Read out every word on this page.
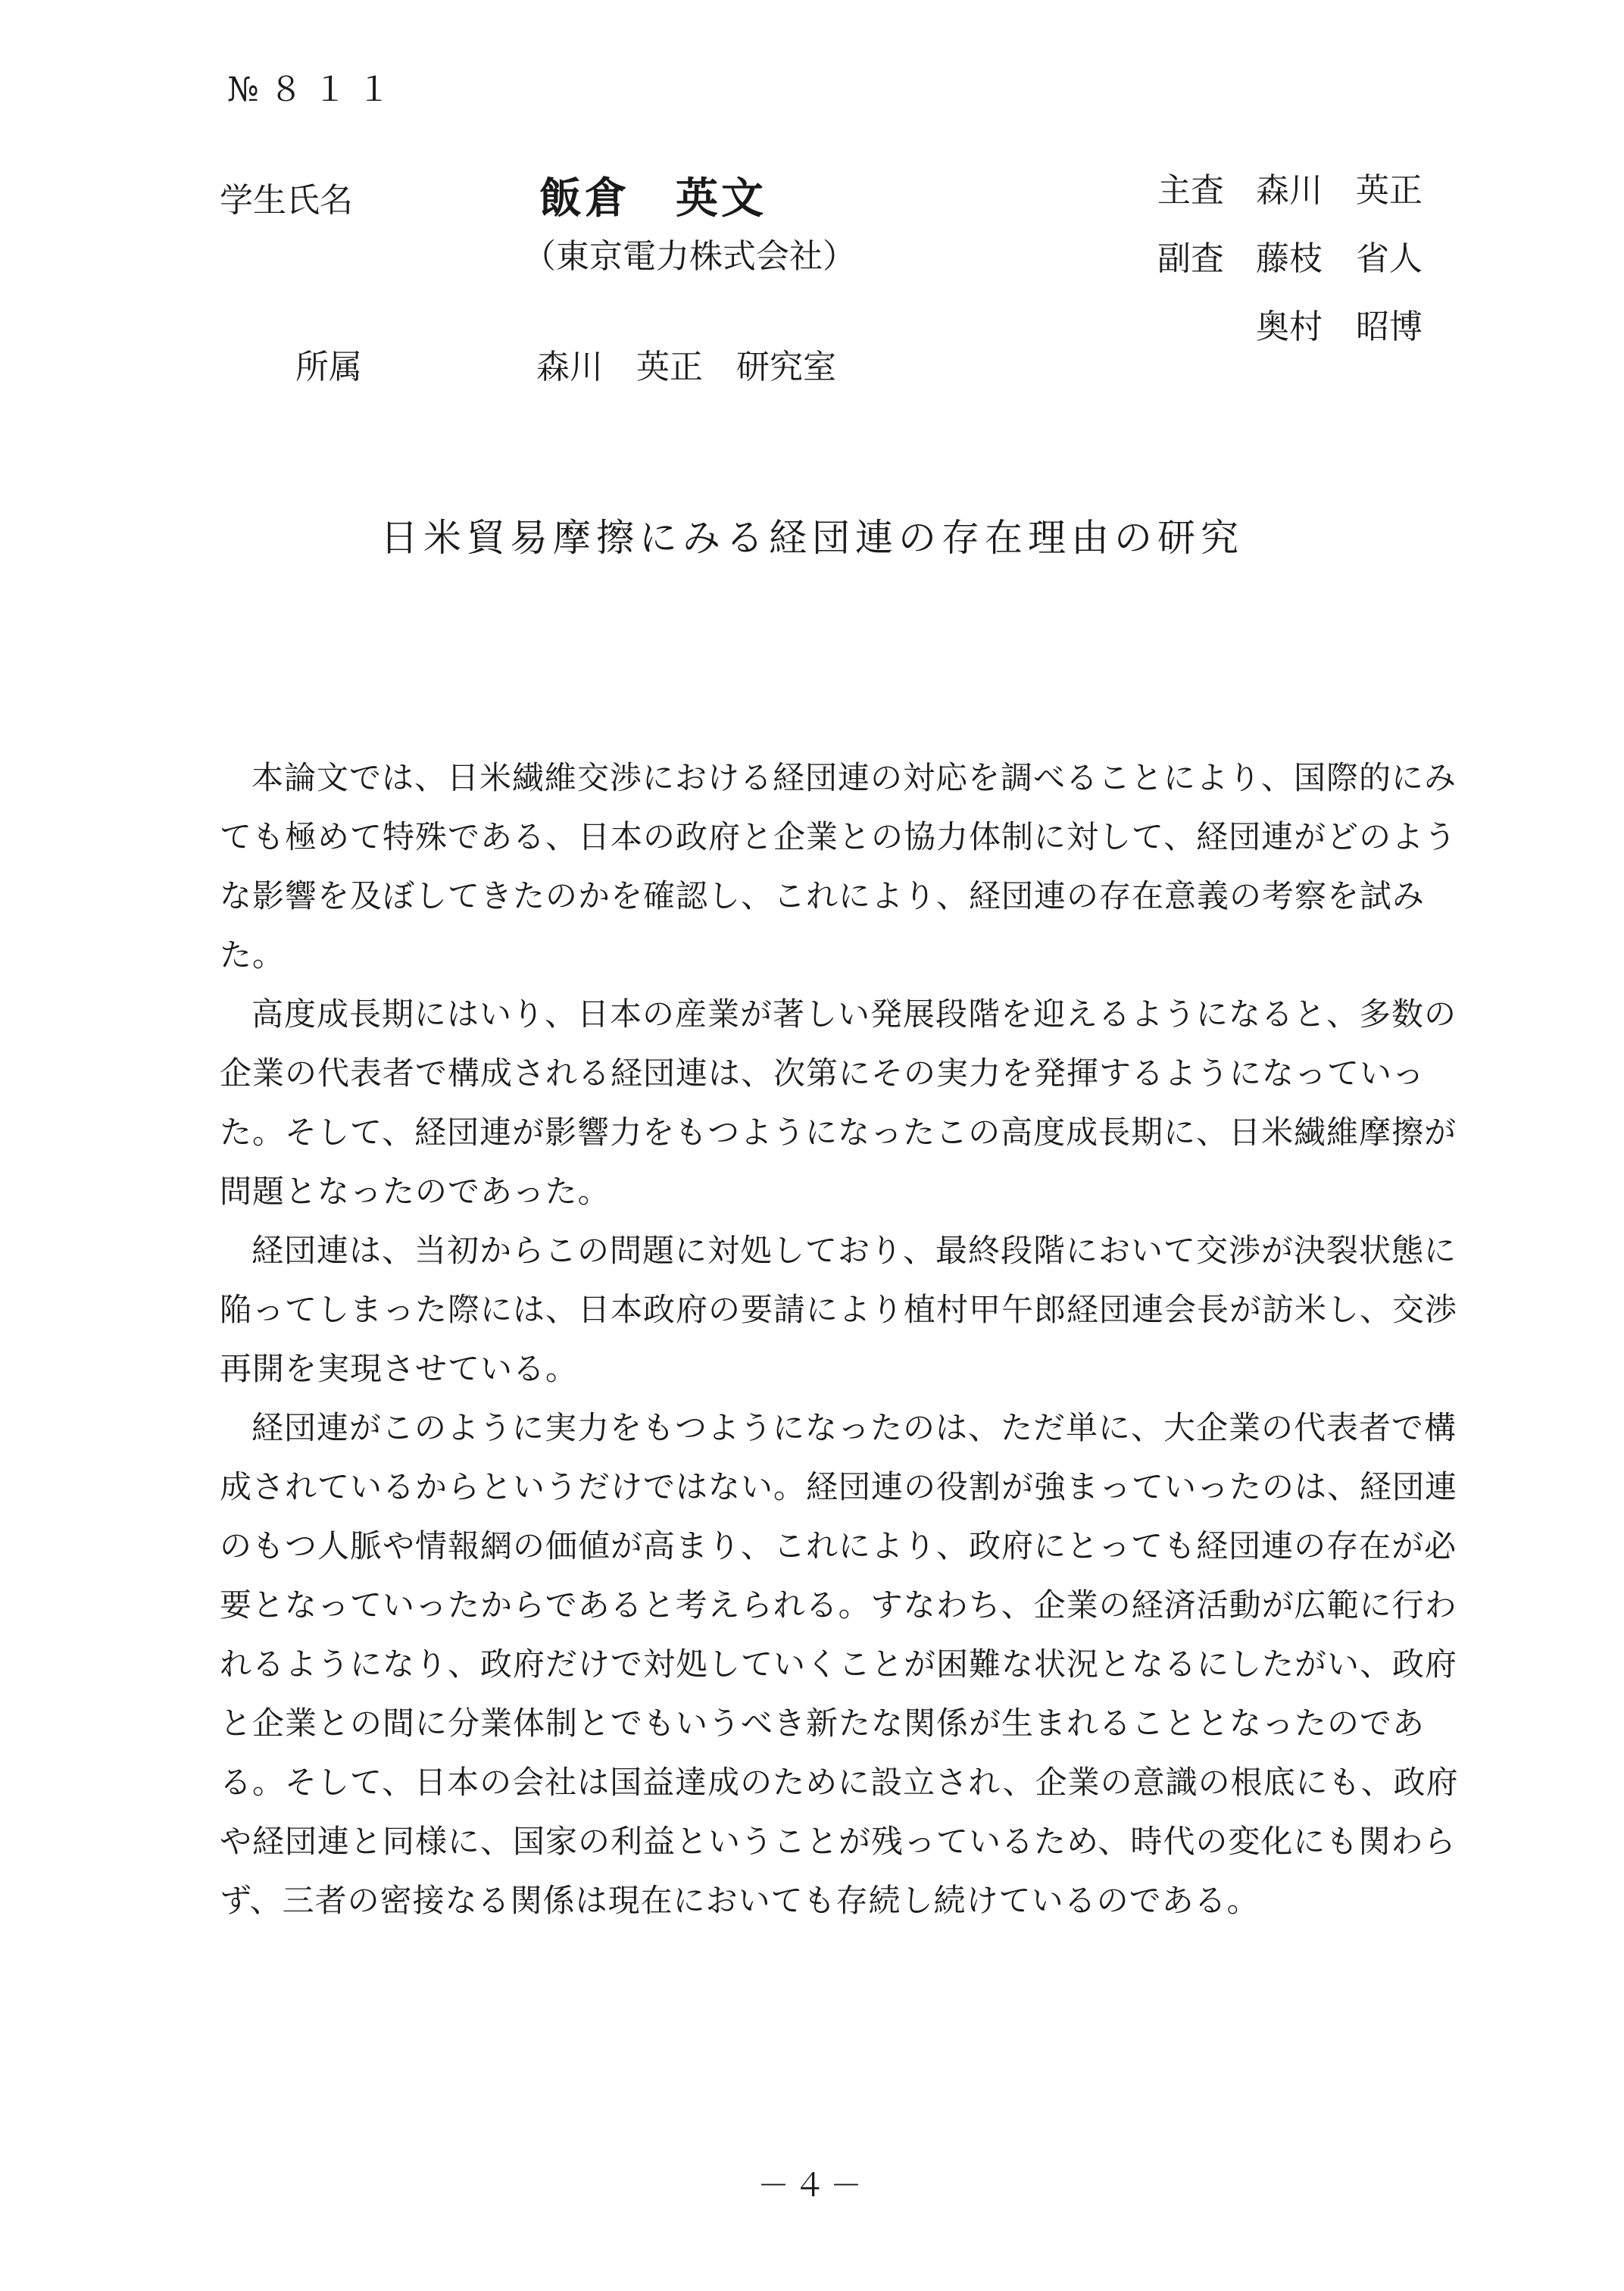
№８１１
学生氏名	飯倉　英文
（東京電力株式会社）
所属	森川　英正　研究室
主査 森川　英正
副査 藤枝　省人
奥村　昭博
日米貿易摩擦にみる経団連の存在理由の研究

本論文では、日米繊維交渉における経団連の対応を調べることにより、国際的にみても極めて特殊である、日本の政府と企業との協力体制に対して、経団連がどのような影響を及ぼしてきたのかを確認し、これにより、経団連の存在意義の考察を試みた。

高度成長期にはいり、日本の産業が著しい発展段階を迎えるようになると、多数の企業の代表者で構成される経団連は、次第にその実力を発揮するようになっていった。そして、経団連が影響力をもつようになったこの高度成長期に、日米繊維摩擦が問題となったのであった。

経団連は、当初からこの問題に対処しており、最終段階において交渉が決裂状態に陥ってしまった際には、日本政府の要請により植村甲午郎経団連会長が訪米し、交渉再開を実現させている。

経団連がこのように実力をもつようになったのは、ただ単に、大企業の代表者で構成されているからというだけではない。経団連の役割が強まっていったのは、経団連のもつ人脈や情報網の価値が高まり、これにより、政府にとっても経団連の存在が必要となっていったからであると考えられる。すなわち、企業の経済活動が広範に行われるようになり、政府だけで対処していくことが困難な状況となるにしたがい、政府と企業との間に分業体制とでもいうべき新たな関係が生まれることとなったのである。そして、日本の会社は国益達成のために設立され、企業の意識の根底にも、政府や経団連と同様に、国家の利益ということが残っているため、時代の変化にも関わらず、三者の密接なる関係は現在においても存続し続けているのである。

－４－
